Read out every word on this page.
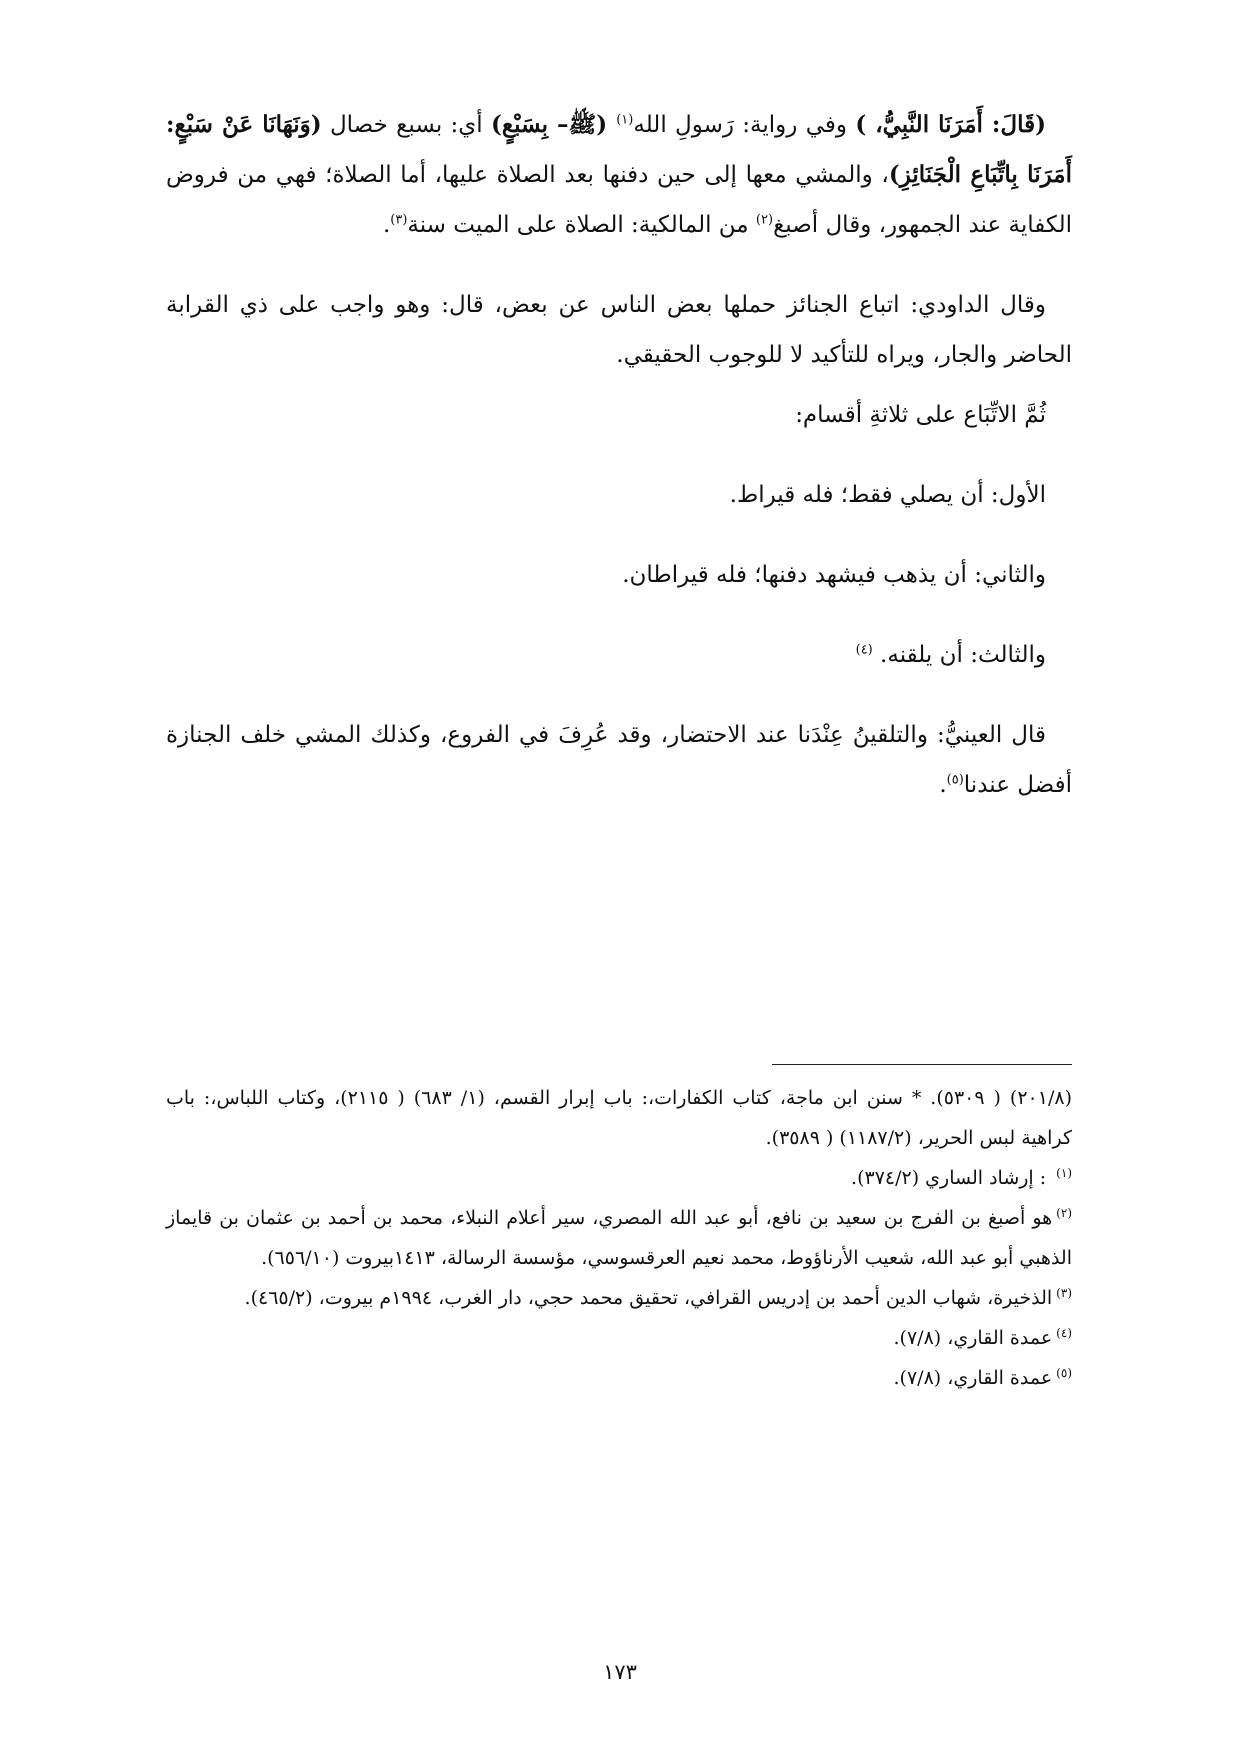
(قَالَ: أَمَرَنَا النَّبِيُّ، ) وفي رواية: رَسولِ الله$^{(١)}$ (ﷺ– بِسَبْعٍ) أي: بسبع خصال (وَنَهَانَا عَنْ سَبْعٍ: أَمَرَنَا بِاتِّبَاعِ الْجَنَائِزِ)، والمشي معها إلى حين دفنها بعد الصلاة عليها، أما الصلاة؛ فهي من فروض الكفاية عند الجمهور، وقال أصبغ$^{(٢)}$ من المالكية: الصلاة على الميت سنة$^{(٣)}$.

وقال الداودي: اتباع الجنائز حملها بعض الناس عن بعض، قال: وهو واجب على ذي القرابة الحاضر والجار، ويراه للتأكيد لا للوجوب الحقيقي.

ثُمَّ الاتِّبَاع على ثلاثةِ أقسام:

الأول: أن يصلي فقط؛ فله قيراط.

والثاني: أن يذهب فيشهد دفنها؛ فله قيراطان.

والثالث: أن يلقنه. $^{(٤)}$

قال العينيُّ: والتلقينُ عِنْدَنا عند الاحتضار، وقد عُرِفَ في الفروع، وكذلك المشي خلف الجنازة أفضل عندنا$^{(٥)}$.

(٢٠١/٨) ( ٥٣٠٩). * سنن ابن ماجة، كتاب الكفارات،: باب إبرار القسم، (١/ ٦٨٣) ( ٢١١٥)، وكتاب اللباس،: باب كراهية لبس الحرير، (١١٨٧/٢) ( ٣٥٨٩).

$^{(١)}$ : إرشاد الساري (٣٧٤/٢).

$^{(٢)}$هو أصبغ بن الفرج بن سعيد بن نافع، أبو عبد الله المصري، سير أعلام النبلاء، محمد بن أحمد بن عثمان بن قايماز الذهبي أبو عبد الله، شعيب الأرناؤوط، محمد نعيم العرقسوسي، مؤسسة الرسالة، ١٤١٣بيروت (٦٥٦/١٠).

$^{(٣)}$الذخيرة، شهاب الدين أحمد بن إدريس القرافي، تحقيق محمد حجي، دار الغرب، ١٩٩٤م بيروت، (٤٦٥/٢).

$^{(٤)}$عمدة القاري، (٧/٨).

$^{(٥)}$عمدة القاري، (٧/٨).

١٧٣
